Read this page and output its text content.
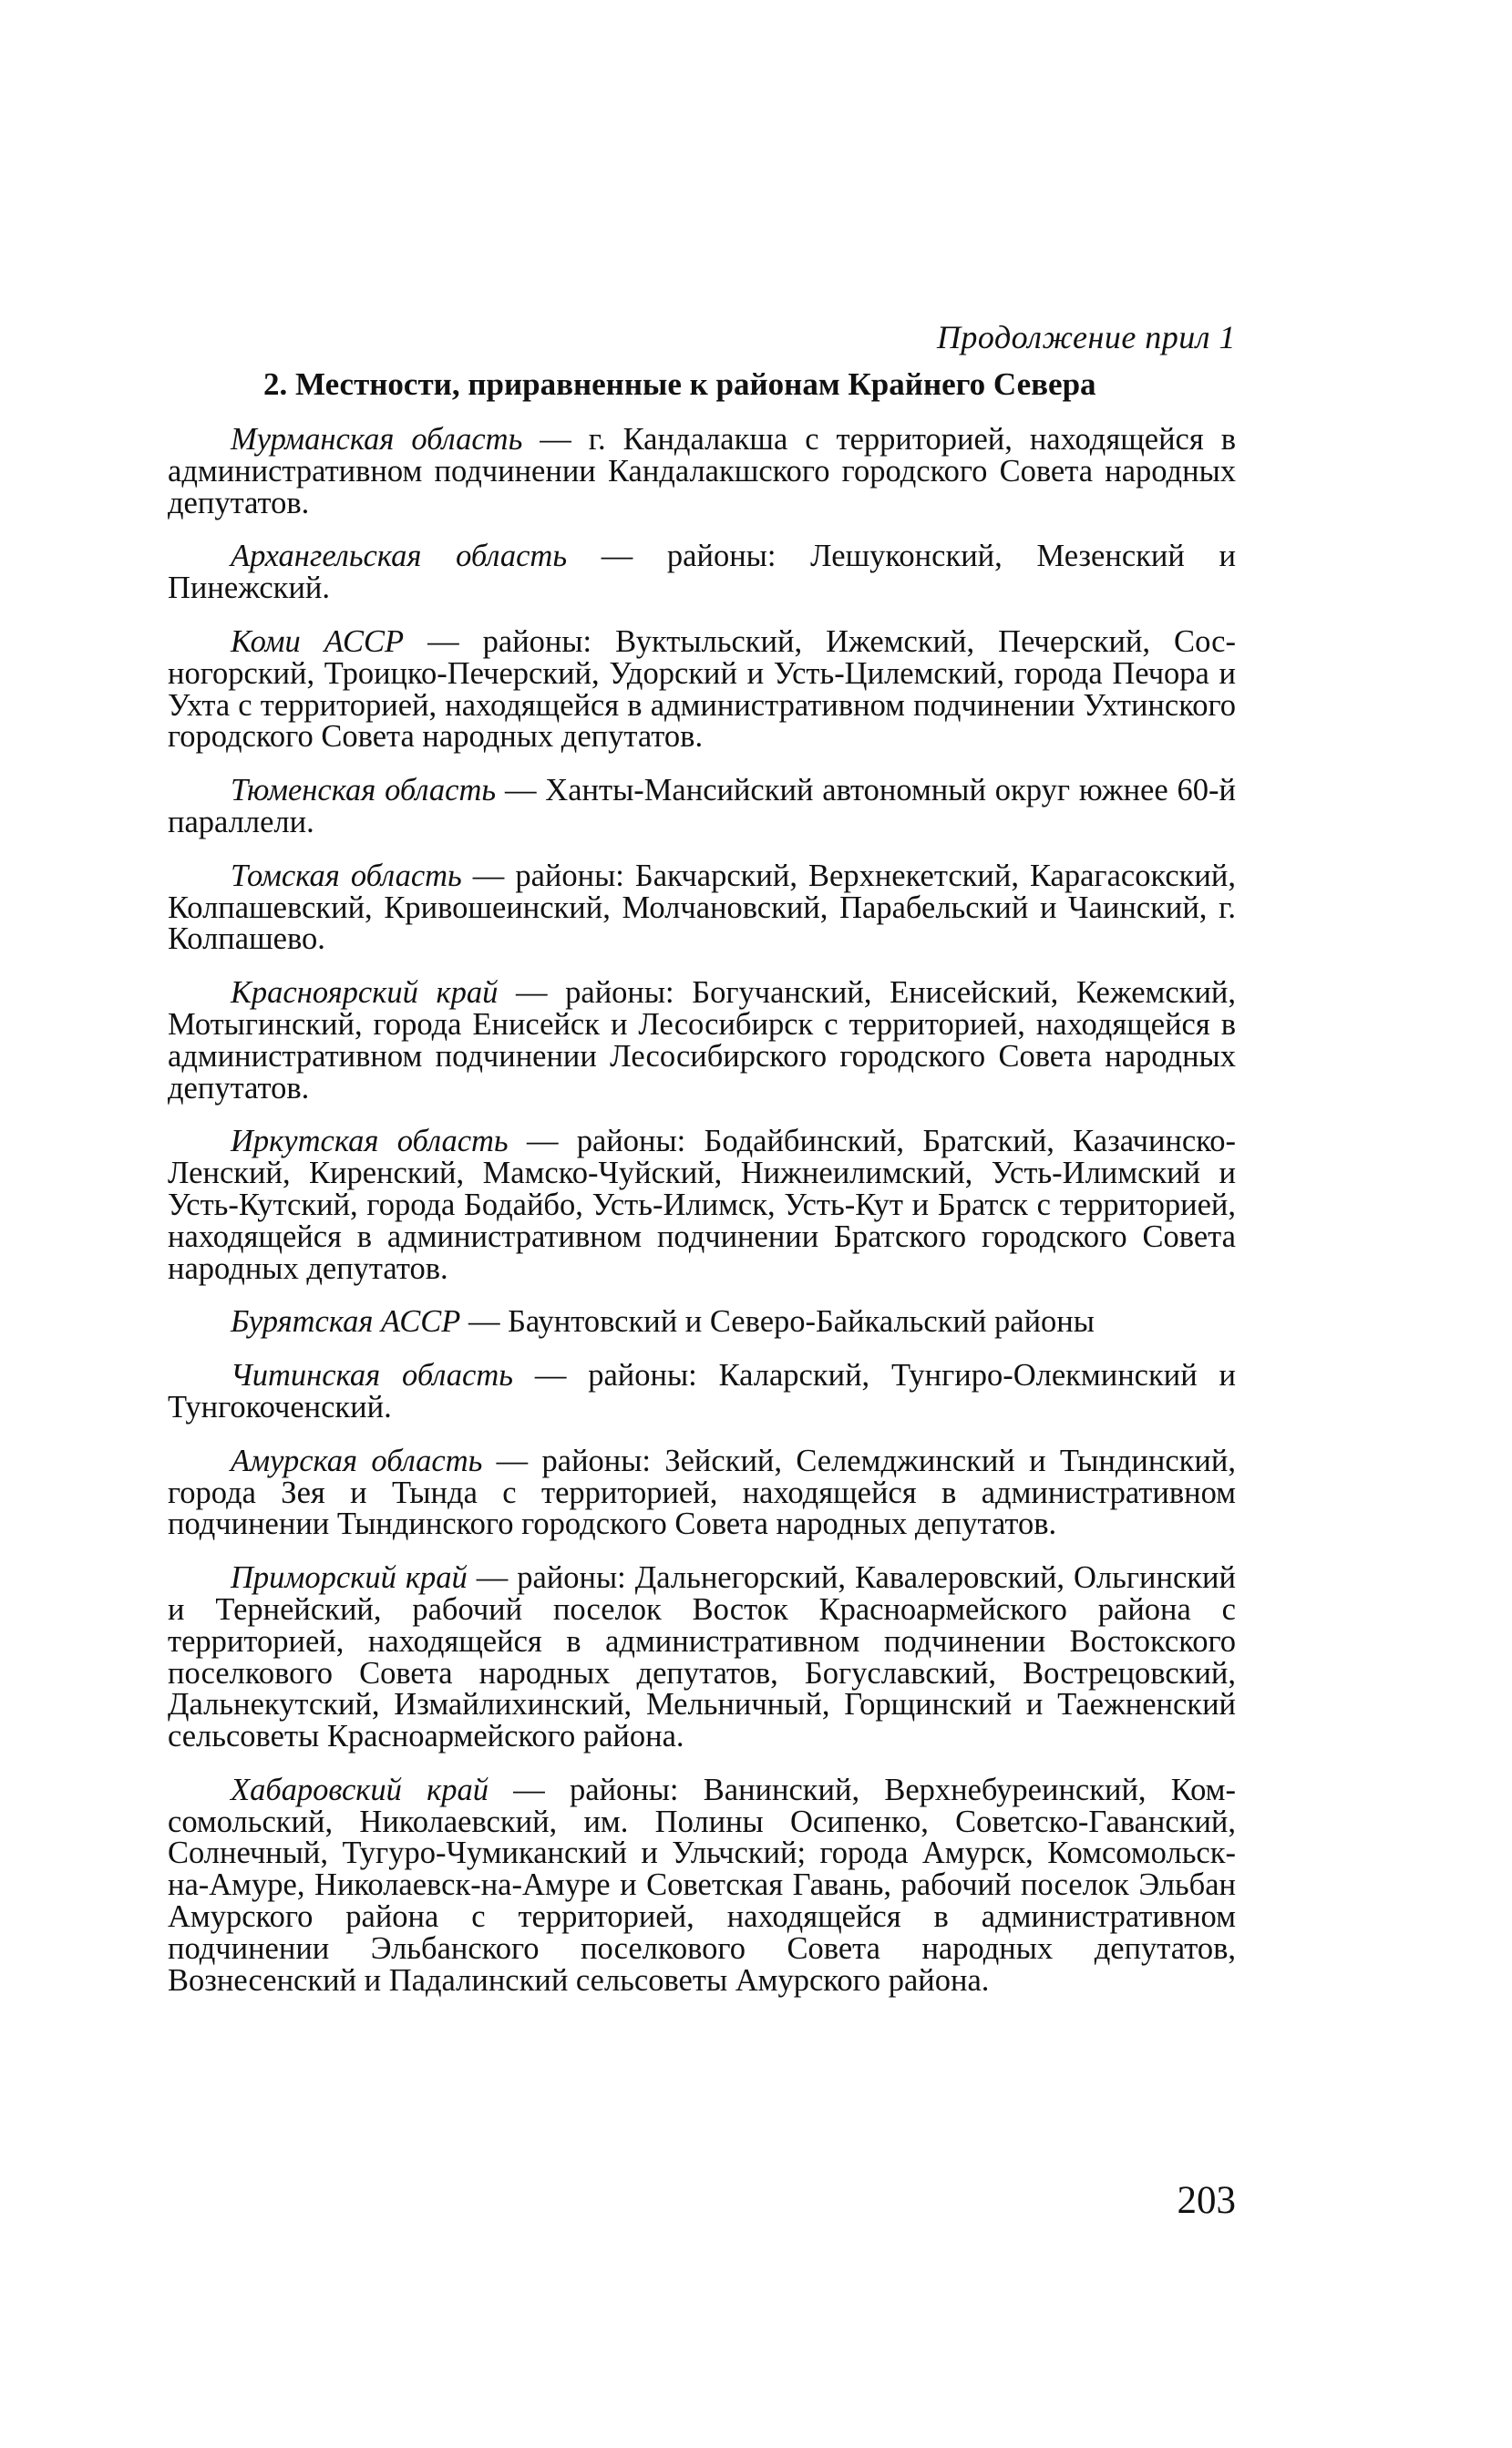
Продолжение прил 1
2. Местности, приравненные к районам Крайнего Севера

Мурманская область — г. Кандалакша с территорией, находящейся в административном подчинении Кандалакшского городского Совета народных депутатов.

Архангельская область — районы: Лешуконский, Мезенский и Пинежский.

Коми АССР — районы: Вуктыльский, Ижемский, Печерский, Сосногорский, Троицко-Печерский, Удорский и Усть-Цилемский, города Печора и Ухта с территорией, находящейся в административном подчинении Ухтинского городского Совета народных депутатов.

Тюменская область — Ханты-Мансийский автономный округ южнее 60-й параллели.

Томская область — районы: Бакчарский, Верхнекетский, Карагасокский, Колпашевский, Кривошеинский, Молчановский, Парабельский и Чаинский, г. Колпашево.

Красноярский край — районы: Богучанский, Енисейский, Кежемский, Мотыгинский, города Енисейск и Лесосибирск с территорией, находящейся в административном подчинении Лесосибирского городского Совета народных депутатов.

Иркутская область — районы: Бодайбинский, Братский, Казачинско-Ленский, Киренский, Мамско-Чуйский, Нижнеилимский, Усть-Илимский и Усть-Кутский, города Бодайбо, Усть-Илимск, Усть-Кут и Братск с территорией, находящейся в административном подчинении Братского городского Совета народных депутатов.

Бурятская АССР — Баунтовский и Северо-Байкальский районы

Читинская область — районы: Каларский, Тунгиро-Олекминский и Тунгокоченский.

Амурская область — районы: Зейский, Селемджинский и Тындинский, города Зея и Тында с территорией, находящейся в административном подчинении Тындинского городского Совета народных депутатов.

Приморский край — районы: Дальнегорский, Кавалеровский, Ольгинский и Тернейский, рабочий поселок Восток Красноармейского района с территорией, находящейся в административном подчинении Востокского поселкового Совета народных депутатов, Богуславский, Вострецовский, Дальнекутский, Измайлихинский, Мельничный, Горщинский и Таежненский сельсоветы Красноармейского района.

Хабаровский край — районы: Ванинский, Верхнебуреинский, Комсомольский, Николаевский, им. Полины Осипенко, Советско-Гаванский, Солнечный, Тугуро-Чумиканский и Ульчский; города Амурск, Комсомольск-на-Амуре, Николаевск-на-Амуре и Советская Гавань, рабочий поселок Эльбан Амурского района с территорией, находящейся в административном подчинении Эльбанского поселкового Совета народных депутатов, Вознесенский и Падалинский сельсоветы Амурского района.

203
